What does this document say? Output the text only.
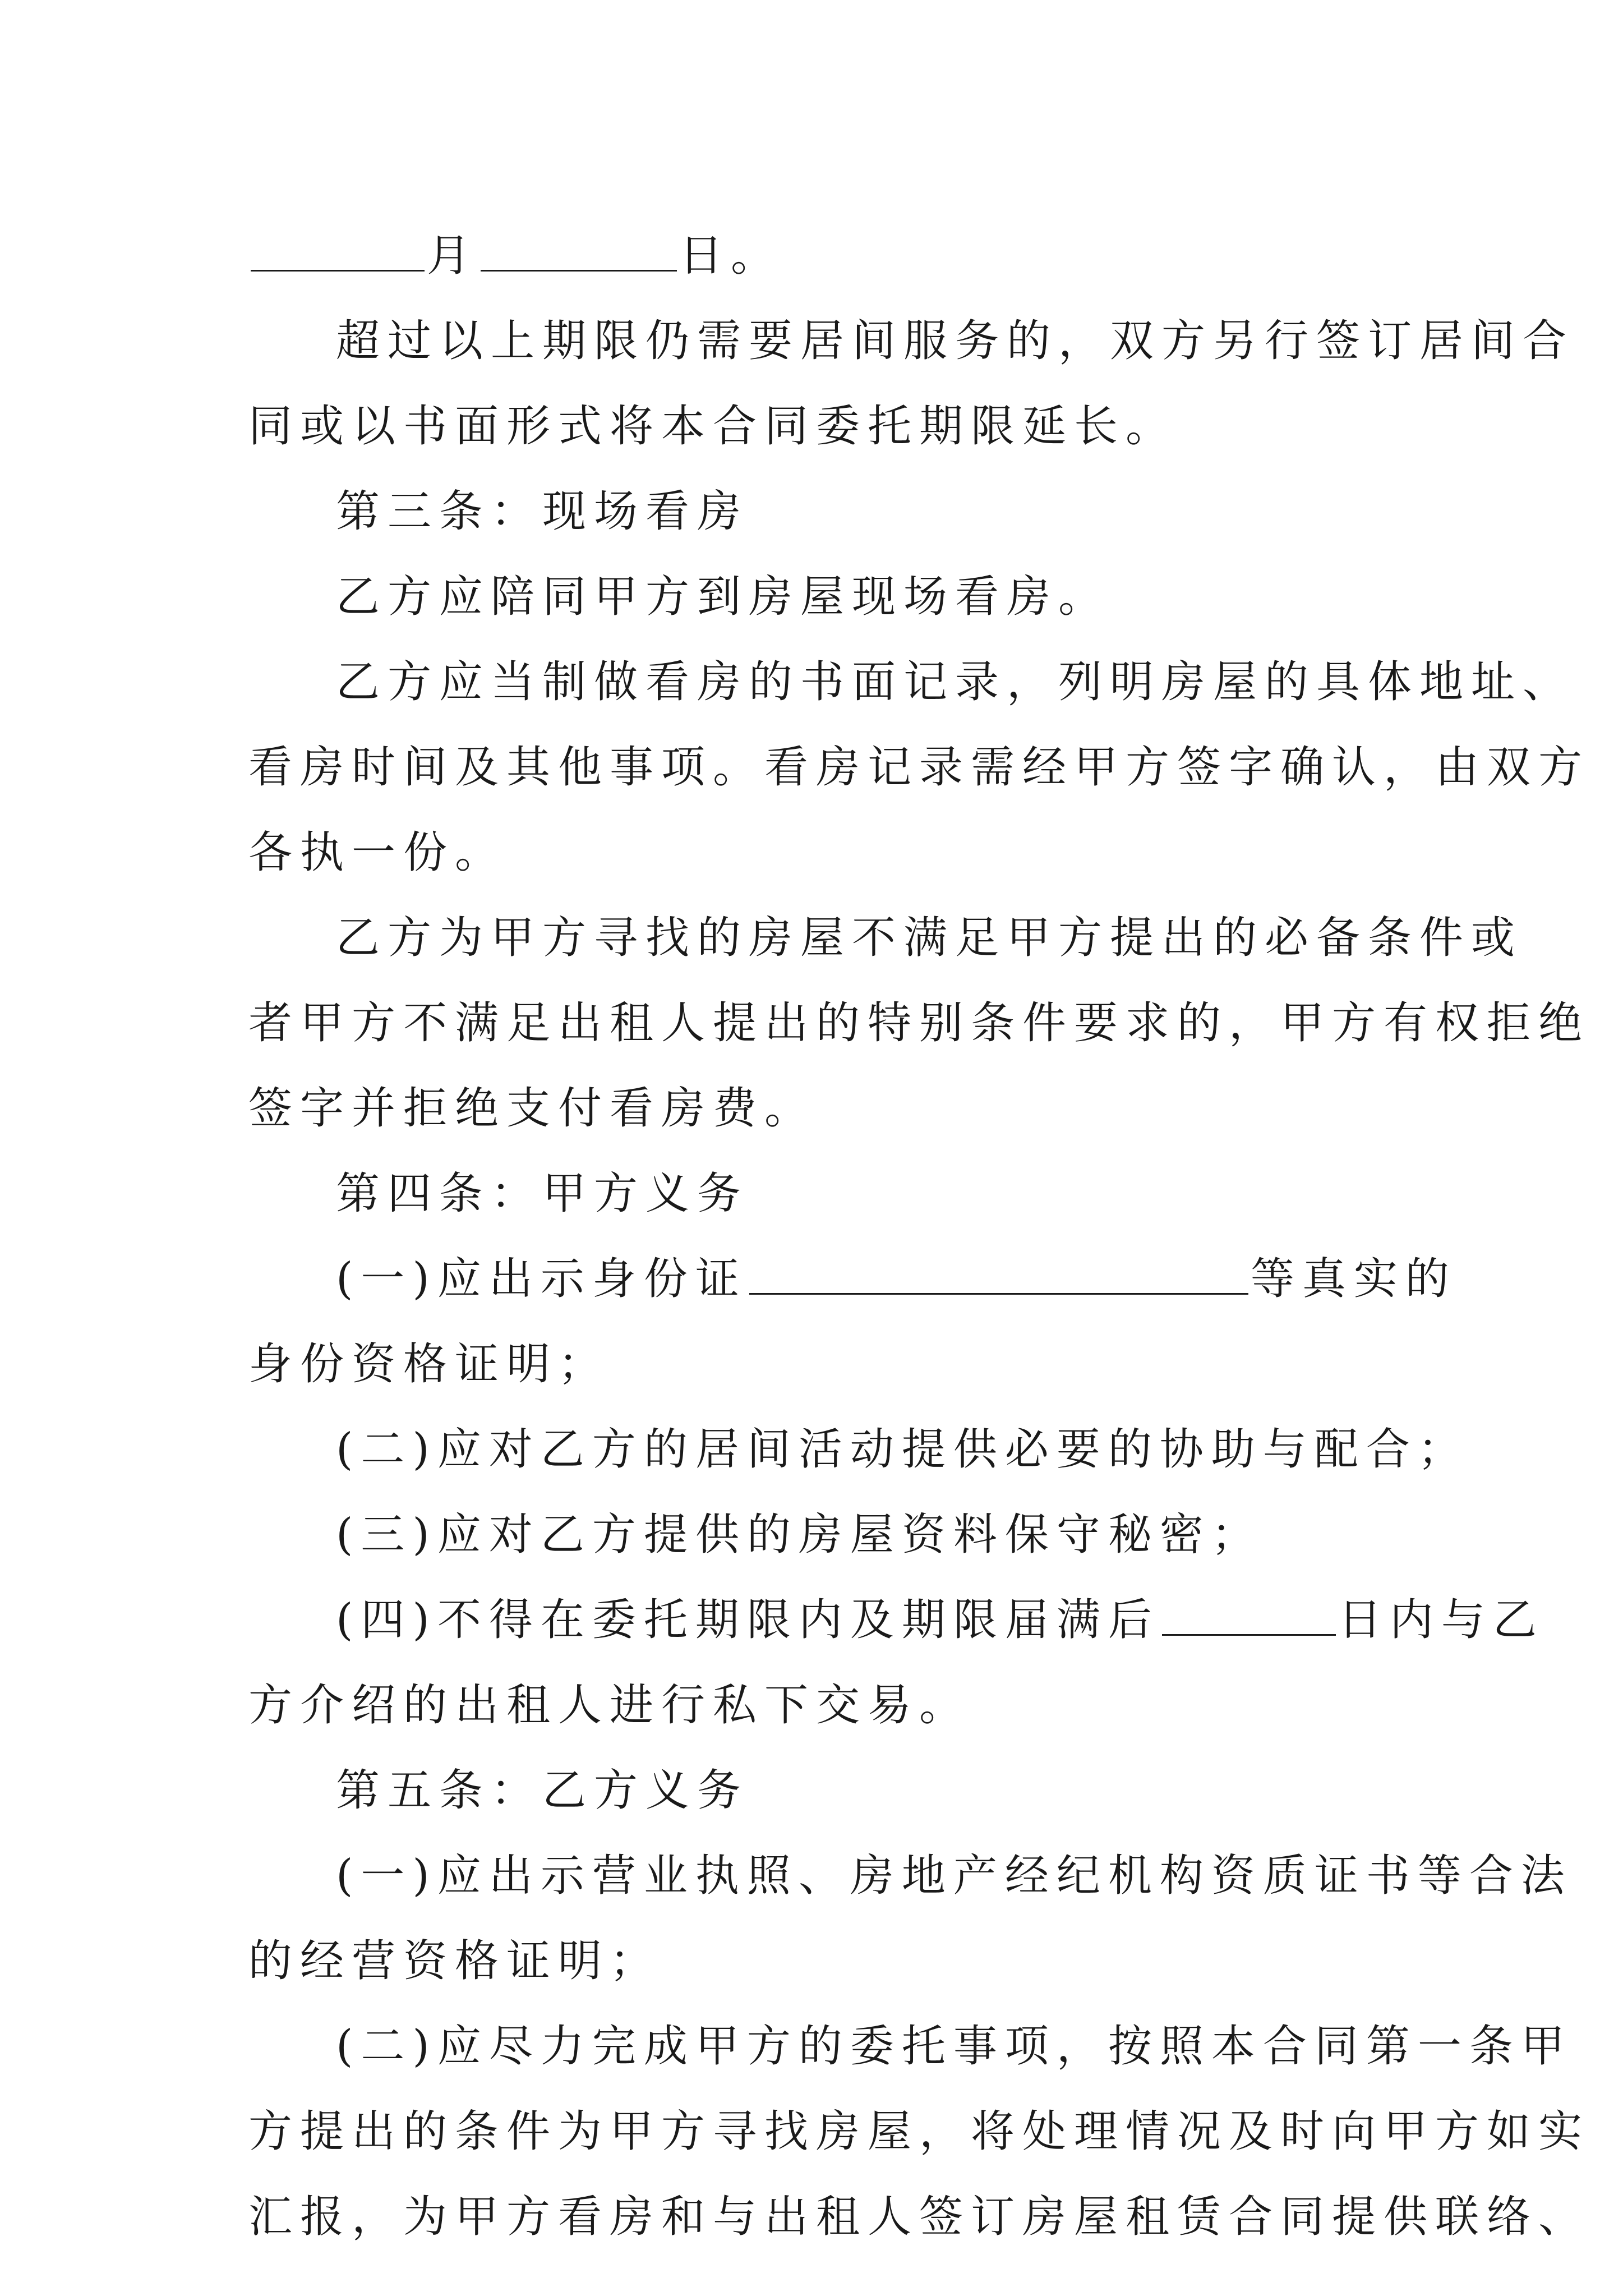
月	日。
超过以上期限仍需要居间服务的，双方另行签订居间合
同或以书面形式将本合同委托期限延长。
第三条：现场看房
乙方应陪同甲方到房屋现场看房。
乙方应当制做看房的书面记录，列明房屋的具体地址、
看房时间及其他事项。看房记录需经甲方签字确认，由双方
各执一份。
乙方为甲方寻找的房屋不满足甲方提出的必备条件或
者甲方不满足出租人提出的特别条件要求的，甲方有权拒绝
签字并拒绝支付看房费。
第四条：甲方义务
(一)应出示身份证	等真实的
身份资格证明；
(二)应对乙方的居间活动提供必要的协助与配合；
(三)应对乙方提供的房屋资料保守秘密；
(四)不得在委托期限内及期限届满后	日内与乙
方介绍的出租人进行私下交易。
第五条：乙方义务
(一)应出示营业执照、房地产经纪机构资质证书等合法
的经营资格证明；
(二)应尽力完成甲方的委托事项，按照本合同第一条甲
方提出的条件为甲方寻找房屋，将处理情况及时向甲方如实
汇报，为甲方看房和与出租人签订房屋租赁合同提供联络、
